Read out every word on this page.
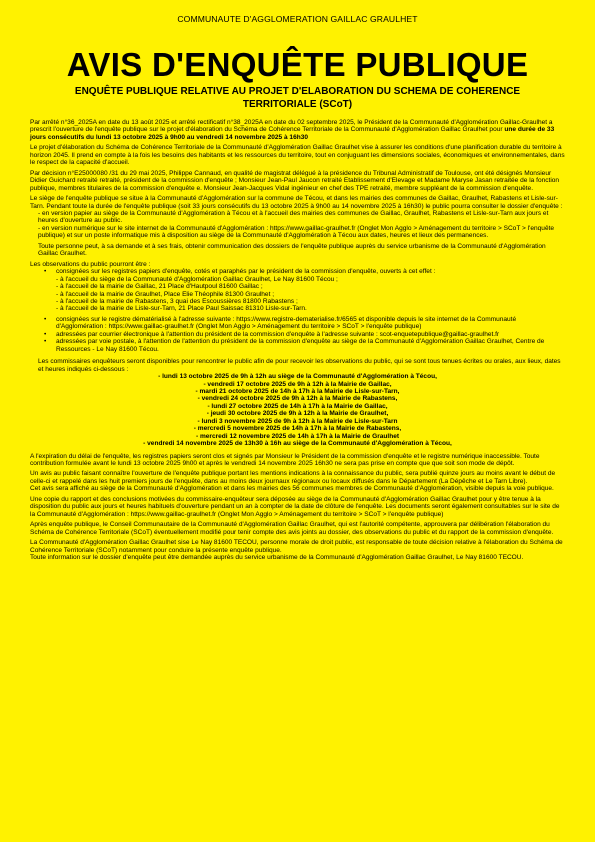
COMMUNAUTE D'AGGLOMERATION GAILLAC GRAULHET
AVIS D'ENQUÊTE PUBLIQUE
ENQUÊTE PUBLIQUE RELATIVE AU PROJET D'ELABORATION DU SCHEMA DE COHERENCE TERRITORIALE (SCoT)

Par arrêté n°36_2025A en date du 13 août 2025 et arrêté rectificatif n°38_2025A en date du 02 septembre 2025, le Président de la Communauté d'Agglomération Gaillac-Graulhet a prescrit l'ouverture de l'enquête publique sur le projet d'élaboration du Schéma de Cohérence Territoriale de la Communauté d'Agglomération Gaillac Graulhet pour une durée de 33 jours consécutifs du lundi 13 octobre 2025 à 9h00 au vendredi 14 novembre 2025 à 16h30

Le projet d'élaboration du Schéma de Cohérence Territoriale de la Communauté d'Agglomération Gaillac Graulhet vise à assurer les conditions d'une planification durable du territoire à horizon 2045. Il prend en compte à la fois les besoins des habitants et les ressources du territoire, tout en conjuguant les dimensions sociales, économiques et environnementales, dans le respect de la capacité d'accueil.

Par décision n°E25000080 /31 du 29 mai 2025, Philippe Cannaud, en qualité de magistrat délégué à la présidence du Tribunal Administratif de Toulouse, ont été désignés Monsieur Didier Guichard retraité retraité, président de la commission d'enquête ; Monsieur Jean-Paul Jaucon retraité Etablissement d'Elevage et Madame Maryse Jasan retraitée de la fonction publique, membres titulaires de la commission d'enquête e. Monsieur Jean-Jacques Vidal ingénieur en chef des TPE retraité, membre suppléant de la commission d'enquête.

Le siège de l'enquête publique se situe à la Communauté d'Agglomération sur la commune de Técou, et dans les mairies des communes de Gaillac, Graulhet, Rabastens et Lisle-sur-Tarn. Pendant toute la durée de l'enquête publique (soit 33 jours consécutifs du 13 octobre 2025 à 9h00 au 14 novembre 2025 à 16h30) le public pourra consulter le dossier d'enquête :

- en version papier au siège de la Communauté d'Agglomération à Técou et à l'accueil des mairies des communes de Gaillac, Graulhet, Rabastens et Lisle-sur-Tarn aux jours et heures d'ouverture au public.

- en version numérique sur le site internet de la Communauté d'Agglomération : https://www.gaillac-graulhet.fr (Onglet Mon Agglo > Aménagement du territoire > SCoT > l'enquête publique) et sur un poste informatique mis à disposition au siège de la Communauté d'Agglomération à Técou aux dates, heures et lieux des permanences.

Toute personne peut, à sa demande et à ses frais, obtenir communication des dossiers de l'enquête publique auprès du service urbanisme de la Communauté d'Agglomération Gaillac Graulhet.

Les observations du public pourront être :

• consignées sur les registres papiers d'enquête, cotés et paraphés par le président de la commission d'enquête, ouverts à cet effet :
- à l'accueil du siège de la Communauté d'Agglomération Gaillac Graulhet, Le Nay 81600 Técou ;
- à l'accueil de la mairie de Gaillac, 21 Place d'Hautpoul 81600 Gaillac ;
- à l'accueil de la mairie de Graulhet, Place Elie Théophile 81300 Graulhet ;
- à l'accueil de la mairie de Rabastens, 3 quai des Escoussières 81800 Rabastens ;
- à l'accueil de la mairie de Lisle-sur-Tarn, 21 Place Paul Saissac 81310 Lisle-sur-Tarn.
• consignées sur le registre dématérialisé à l'adresse suivante : https://www.registre-dematerialise.fr/6565 et disponible depuis le site internet de la Communauté d'Agglomération : https://www.gaillac-graulhet.fr (Onglet Mon Agglo > Aménagement du territoire > SCoT > l'enquête publique)
• adressées par courrier électronique à l'attention du président de la commission d'enquête à l'adresse suivante : scot-enquetepublique@gaillac-graulhet.fr
• adressées par voie postale, à l'attention de l'attention du président de la commission d'enquête au siège de la Communauté d'Agglomération Gaillac Graulhet, Centre de Ressources - Le Nay 81600 Técou.

Les commissaires enquêteurs seront disponibles pour rencontrer le public afin de pour recevoir les observations du public, qui se sont tous tenues écrites ou orales, aux lieux, dates et heures indiqués ci-dessous :

- lundi 13 octobre 2025 de 9h à 12h au siège de la Communauté d'Agglomération à Técou,

- vendredi 17 octobre 2025 de 9h à 12h à la Mairie de Gaillac,

- mardi 21 octobre 2025 de 14h à 17h à la Mairie de Lisle-sur-Tarn,

- vendredi 24 octobre 2025 de 9h à 12h à la Mairie de Rabastens,

- lundi 27 octobre 2025 de 14h à 17h à la Mairie de Gaillac,

- jeudi 30 octobre 2025 de 9h à 12h à la Mairie de Graulhet,

- lundi 3 novembre 2025 de 9h à 12h à la Mairie de Lisle-sur-Tarn

- mercredi 5 novembre 2025 de 14h à 17h à la Mairie de Rabastens,

- mercredi 12 novembre 2025 de 14h à 17h à la Mairie de Graulhet

- vendredi 14 novembre 2025 de 13h30 à 16h au siège de la Communauté d'Agglomération à Técou,

A l'expiration du délai de l'enquête, les registres papiers seront clos et signés par Monsieur le Président de la commission d'enquête et le registre numérique inaccessible. Toute contribution formulée avant le lundi 13 octobre 2025 9h00 et après le vendredi 14 novembre 2025 16h30 ne sera pas prise en compte que que soit son mode de dépôt.

Un avis au public faisant connaître l'ouverture de l'enquête publique portant les mentions indications à la connaissance du public, sera publié quinze jours au moins avant le début de celle-ci et rappelé dans les huit premiers jours de l'enquête, dans au moins deux journaux régionaux ou locaux diffusés dans le Département (La Dépêche et Le Tarn Libre).

Cet avis sera affiché au siège de la Communauté d'Agglomération et dans les mairies des 56 communes membres de Communauté d'Agglomération, visible depuis la voie publique.

Une copie du rapport et des conclusions motivées du commissaire-enquêteur sera déposée au siège de la Communauté d'Agglomération Gaillac Graulhet pour y être tenue à la disposition du public aux jours et heures habituels d'ouverture pendant un an à compter de la date de clôture de l'enquête. Les documents seront également consultables sur le site de la Communauté d'Agglomération : https://www.gaillac-graulhet.fr (Onglet Mon Agglo > Aménagement du territoire > SCoT > l'enquête publique)

Après enquête publique, le Conseil Communautaire de la Communauté d'Agglomération Gaillac Graulhet, qui est l'autorité compétente, approuvera par délibération l'élaboration du Schéma de Cohérence Territoriale (SCoT) éventuellement modifié pour tenir compte des avis joints au dossier, des observations du public et du rapport de la commission d'enquête.

La Communauté d'Agglomération Gaillac Graulhet sise Le Nay 81600 TECOU, personne morale de droit public, est responsable de toute décision relative à l'élaboration du Schéma de Cohérence Territoriale (SCoT) notamment pour conduire la présente enquête publique.

Toute information sur le dossier d'enquête peut être demandée auprès du service urbanisme de la Communauté d'Agglomération Gaillac Graulhet, Le Nay 81600 TECOU.
